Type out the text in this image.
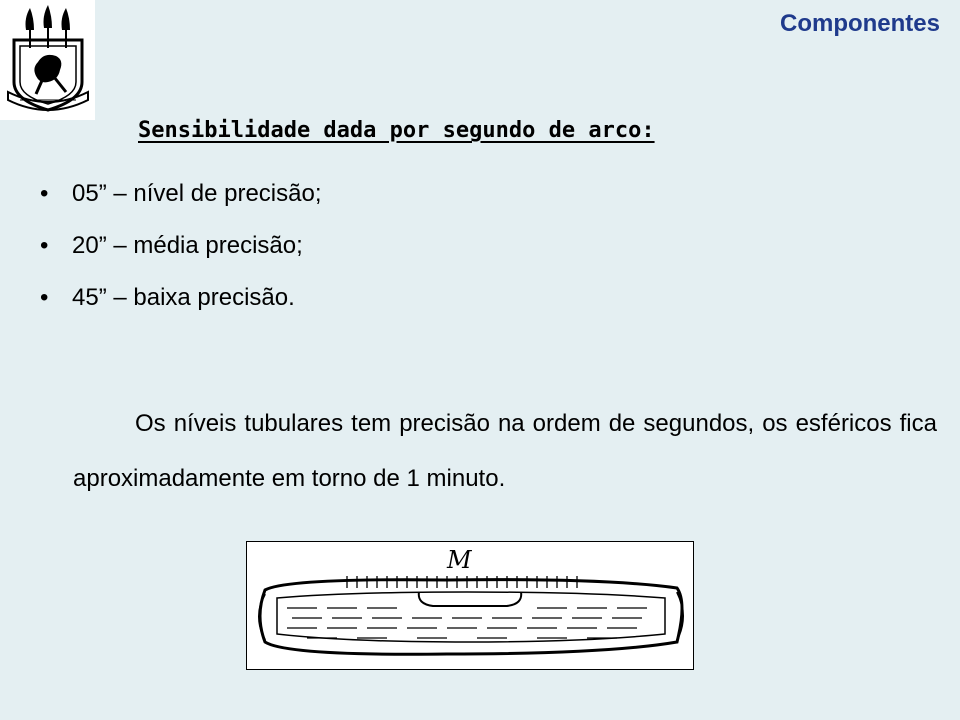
Componentes
Sensibilidade dada por segundo de arco:
• 05” – nível de precisão;
• 20” – média precisão;
• 45” – baixa precisão.

Os níveis tubulares tem precisão na ordem de segundos, os esféricos fica aproximadamente em torno de 1 minuto.

M
